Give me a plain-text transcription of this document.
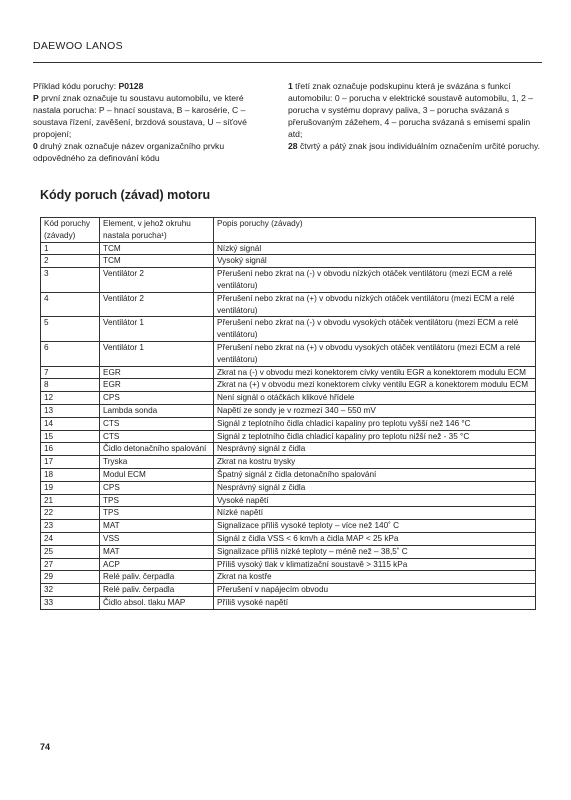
DAEWOO LANOS

Příklad kódu poruchy: P0128

P první znak označuje tu soustavu automobilu, ve které nastala porucha: P – hnací soustava, B – karosérie, C – soustava řízení, zavěšení, brzdová soustava, U – síťové propojení;

0 druhý znak označuje název organizačního prvku odpovědného za definování kódu

1 třetí znak označuje podskupinu která je svázána s funkcí automobilu: 0 – porucha v elektrické soustavě automobilu, 1, 2 – porucha v systému dopravy paliva, 3 – porucha svázaná s přerušovaným zážehem, 4 – porucha svázaná s emisemi spalin atd;

28 čtvrtý a pátý znak jsou individuálním označením určité poruchy.

Kódy poruch (závad) motoru
Kód poruchy (závady)	Element, v jehož okruhu nastala porucha¹)	Popis poruchy (závady)
1	TCM	Nízký signál
2	TCM	Vysoký signál
3	Ventilátor 2	Přerušení nebo zkrat na (-) v obvodu nízkých otáček ventilátoru (mezi ECM a relé ventilátoru)
4	Ventilátor 2	Přerušení nebo zkrat na (+) v obvodu nízkých otáček ventilátoru (mezi ECM a relé ventilátoru)
5	Ventilátor 1	Přerušení nebo zkrat na (-) v obvodu vysokých otáček ventilátoru (mezi ECM a relé ventilátoru)
6	Ventilátor 1	Přerušení nebo zkrat na (+) v obvodu vysokých otáček ventilátoru (mezi ECM a relé ventilátoru)
7	EGR	Zkrat na (-) v obvodu mezi konektorem cívky ventilu EGR a konektorem modulu ECM
8	EGR	Zkrat na (+) v obvodu mezi konektorem cívky ventilu EGR a konektorem modulu ECM
12	CPS	Není signál o otáčkách klikové hřídele
13	Lambda sonda	Napětí ze sondy je v rozmezí 340 – 550 mV
14	CTS	Signál z teplotního čidla chladicí kapaliny pro teplotu vyšší než 146 °C
15	CTS	Signál z teplotního čidla chladicí kapaliny pro teplotu nižší než - 35 °C
16	Čidlo detonačního spalování	Nesprávný signál z čidla
17	Tryska	Zkrat na kostru trysky
18	Modul ECM	Špatný signál z čidla detonačního spalování
19	CPS	Nesprávný signál z čidla
21	TPS	Vysoké napětí
22	TPS	Nízké napětí
23	MAT	Signalizace příliš vysoké teploty – více než 140˚ C
24	VSS	Signál z čidla VSS < 6 km/h a čidla MAP < 25 kPa
25	MAT	Signalizace příliš nízké teploty – méně než – 38,5˚ C
27	ACP	Příliš vysoký tlak v klimatizační soustavě > 3115 kPa
29	Relé paliv. čerpadla	Zkrat na kostře
32	Relé paliv. čerpadla	Přerušení v napájecím obvodu
33	Čidlo absol. tlaku MAP	Příliš vysoké napětí
74
